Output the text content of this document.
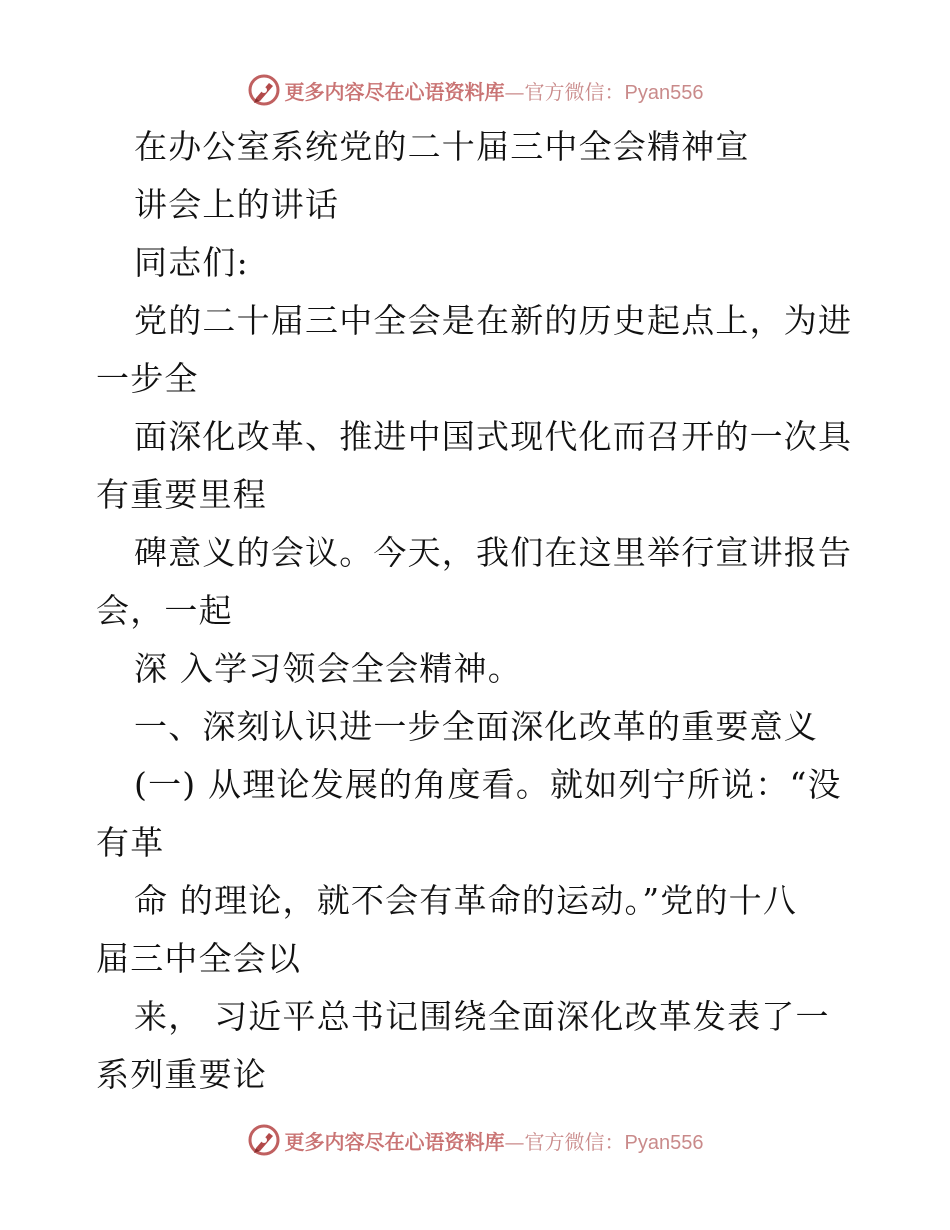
更多内容尽在心语资料库—官方微信：Pyan556
在办公室系统党的二十届三中全会精神宣
讲会上的讲话
同志们:
党的二十届三中全会是在新的历史起点上，为进
一步全
面深化改革、推进中国式现代化而召开的一次具
有重要里程
碑意义的会议。今天，我们在这里举行宣讲报告
会，一起
深 入学习领会全会精神。
一、深刻认识进一步全面深化改革的重要意义
(一) 从理论发展的角度看。就如列宁所说：“没
有革
命 的理论，就不会有革命的运动。”党的十八
届三中全会以
来， 习近平总书记围绕全面深化改革发表了一
系列重要论
更多内容尽在心语资料库—官方微信：Pyan556
